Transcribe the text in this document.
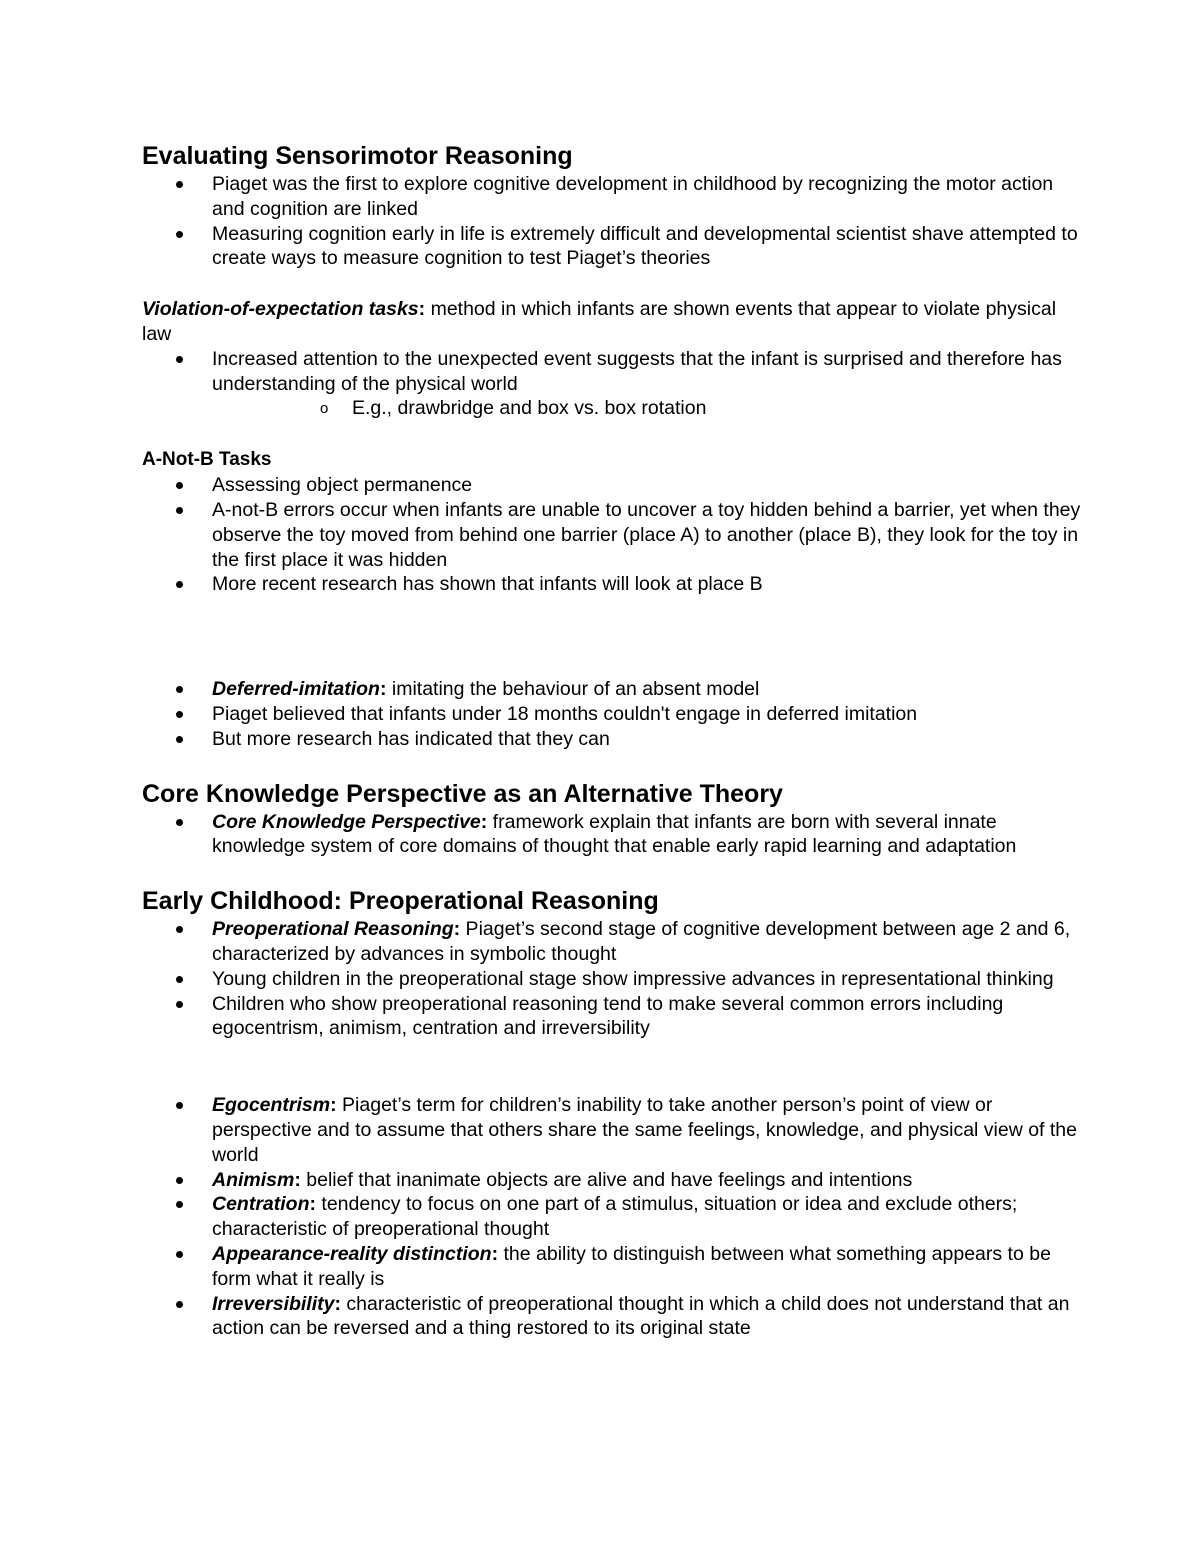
Evaluating Sensorimotor Reasoning
Piaget was the first to explore cognitive development in childhood by recognizing the motor action and cognition are linked
Measuring cognition early in life is extremely difficult and developmental scientist shave attempted to create ways to measure cognition to test Piaget’s theories

Violation-of-expectation tasks: method in which infants are shown events that appear to violate physical law

Increased attention to the unexpected event suggests that the infant is surprised and therefore has understanding of the physical world
o E.g., drawbridge and box vs. box rotation
A-Not-B Tasks
Assessing object permanence
A-not-B errors occur when infants are unable to uncover a toy hidden behind a barrier, yet when they observe the toy moved from behind one barrier (place A) to another (place B), they look for the toy in the first place it was hidden
More recent research has shown that infants will look at place B
Deferred-imitation: imitating the behaviour of an absent model
Piaget believed that infants under 18 months couldn't engage in deferred imitation
But more research has indicated that they can
Core Knowledge Perspective as an Alternative Theory
Core Knowledge Perspective: framework explain that infants are born with several innate knowledge system of core domains of thought that enable early rapid learning and adaptation
Early Childhood: Preoperational Reasoning
Preoperational Reasoning: Piaget’s second stage of cognitive development between age 2 and 6, characterized by advances in symbolic thought
Young children in the preoperational stage show impressive advances in representational thinking
Children who show preoperational reasoning tend to make several common errors including egocentrism, animism, centration and irreversibility
Egocentrism: Piaget’s term for children’s inability to take another person’s point of view or perspective and to assume that others share the same feelings, knowledge, and physical view of the world
Animism: belief that inanimate objects are alive and have feelings and intentions
Centration: tendency to focus on one part of a stimulus, situation or idea and exclude others; characteristic of preoperational thought
Appearance-reality distinction: the ability to distinguish between what something appears to be form what it really is
Irreversibility: characteristic of preoperational thought in which a child does not understand that an action can be reversed and a thing restored to its original state
